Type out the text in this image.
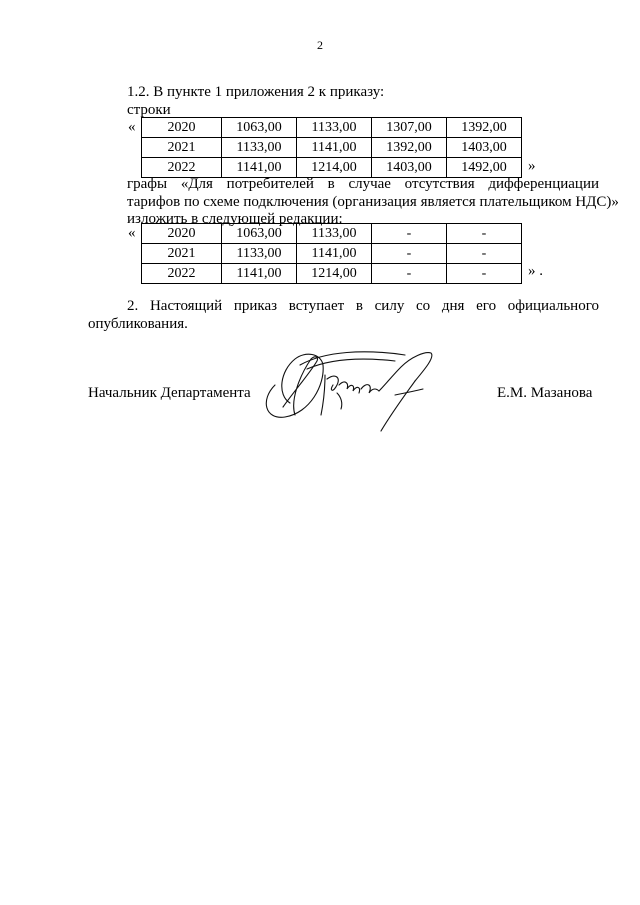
2
1.2. В пункте 1 приложения 2 к приказу:
строки
« 2020	1063,00	1133,00	1307,00	1392,00
2021	1133,00	1141,00	1392,00	1403,00
2022	1141,00	1214,00	1403,00	1492,00 »
графы «Для потребителей в случае отсутствия дифференциации
тарифов по схеме подключения (организация является плательщиком НДС)»
изложить в следующей редакции:
« 2020	1063,00	1133,00	-	-
2021	1133,00	1141,00	-	-
2022	1141,00	1214,00	-	-	» .
2. Настоящий приказ вступает в силу со дня его официального
опубликования.
Начальник Департамента	Е.М. Мазанова
